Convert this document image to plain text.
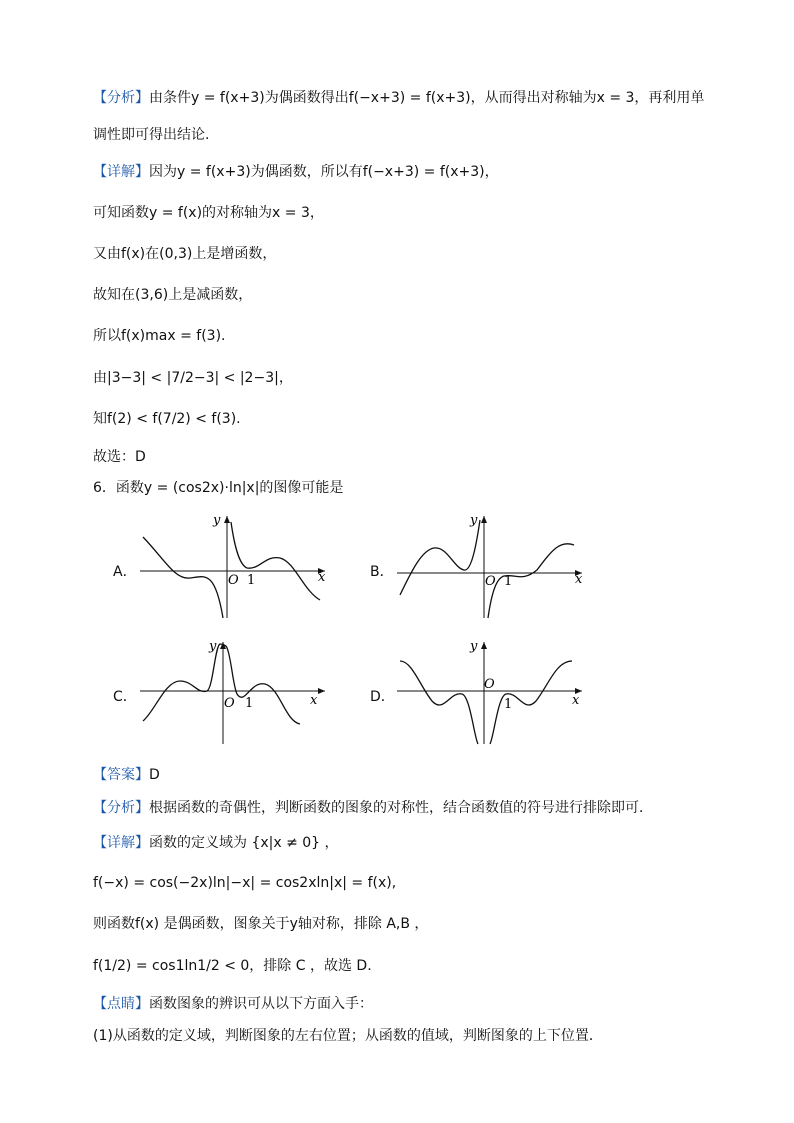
【分析】由条件y = f(x+3)为偶函数得出f(−x+3) = f(x+3)，从而得出对称轴为x = 3，再利用单
调性即可得出结论.
【详解】因为y = f(x+3)为偶函数，所以有f(−x+3) = f(x+3)，
可知函数y = f(x)的对称轴为x = 3，
又由f(x)在(0,3)上是增函数，
故知在(3,6)上是减函数，
所以f(x)max = f(3).
由|3−3| < |7/2−3| < |2−3|，
知f(2) < f(7/2) < f(3).
故选：D
6．函数y = (cos2x)·ln|x|的图像可能是
A．
y
x
O 1
B．
y
x
O 1
C．
y
x
O 1	D．
y
x
O
1
【答案】D
【分析】根据函数的奇偶性，判断函数的图象的对称性，结合函数值的符号进行排除即可．
【详解】函数的定义域为 {x|x ≠ 0} ，
f(−x) = cos(−2x)ln|−x| = cos2xln|x| = f(x),
则函数f(x) 是偶函数，图象关于y轴对称，排除 A,B ，
f(1/2) = cos1ln1/2 < 0，排除 C ，故选 D.
【点睛】函数图象的辨识可从以下方面入手：
(1)从函数的定义域，判断图象的左右位置；从函数的值域，判断图象的上下位置．
